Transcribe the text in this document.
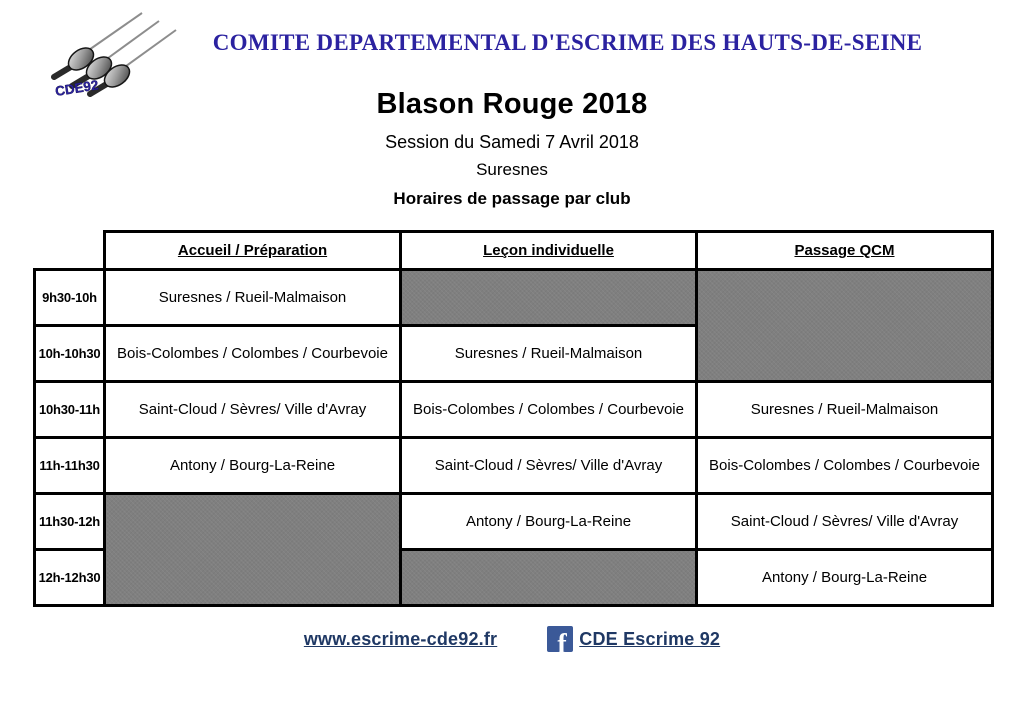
CDE92
COMITE DEPARTEMENTAL D'ESCRIME DES HAUTS-DE-SEINE
Blason Rouge 2018
Session du Samedi 7 Avril 2018
Suresnes
Horaires de passage par club
	Accueil / Préparation	Leçon individuelle	Passage QCM
9h30-10h	Suresnes / Rueil-Malmaison		
10h-10h30	Bois-Colombes / Colombes / Courbevoie	Suresnes / Rueil-Malmaison	
10h30-11h	Saint-Cloud / Sèvres/ Ville d'Avray	Bois-Colombes / Colombes / Courbevoie	Suresnes / Rueil-Malmaison
11h-11h30	Antony / Bourg-La-Reine	Saint-Cloud / Sèvres/ Ville d'Avray	Bois-Colombes / Colombes / Courbevoie
11h30-12h		Antony / Bourg-La-Reine	Saint-Cloud / Sèvres/ Ville d'Avray
12h-12h30			Antony / Bourg-La-Reine
www.escrime-cde92.fr f CDE Escrime 92
